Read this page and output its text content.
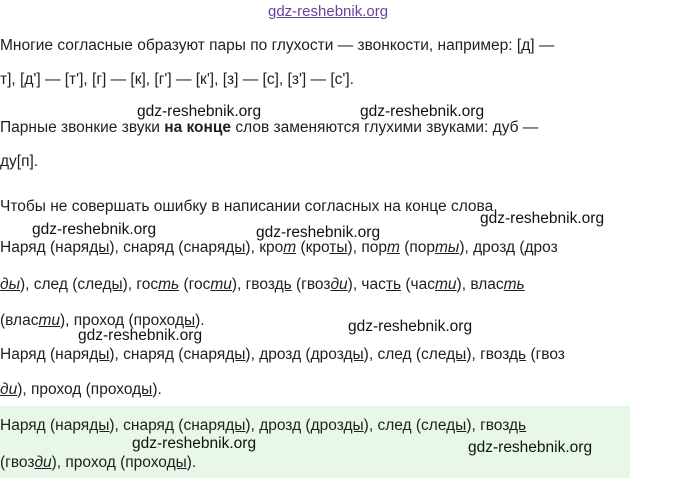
gdz-reshebnik.org
Многие согласные образуют пары по глухости — звонкости, например: [д] —
т], [д'] — [т'], [г] — [к], [г'] — [к'], [з] — [с], [з'] — [с'].
Парные звонкие звуки на конце слов заменяются глухими звуками: дуб —
ду[п].
Чтобы не совершать ошибку в написании согласных на конце слова,
Наряд (наряды), снаряд (снаряды), крот (кроты), порт (порты), дрозд (дроз
ды), след (следы), гость (гости), гвоздь (гвозди), часть (части), власть
(власти), проход (проходы).
Наряд (наряды), снаряд (снаряды), дрозд (дрозды), след (следы), гвоздь (гвоз
ди), проход (проходы).
Наряд (наряды), снаряд (снаряды), дрозд (дрозды), след (следы), гвоздь
(гвозди), проход (проходы).
gdz-reshebnik.org	gdz-reshebnik.org
gdz-reshebnik.org	gdz-reshebnik.org
gdz-reshebnik.org
gdz-reshebnik.org
gdz-reshebnik.org
gdz-reshebnik.org	gdz-reshebnik.org
